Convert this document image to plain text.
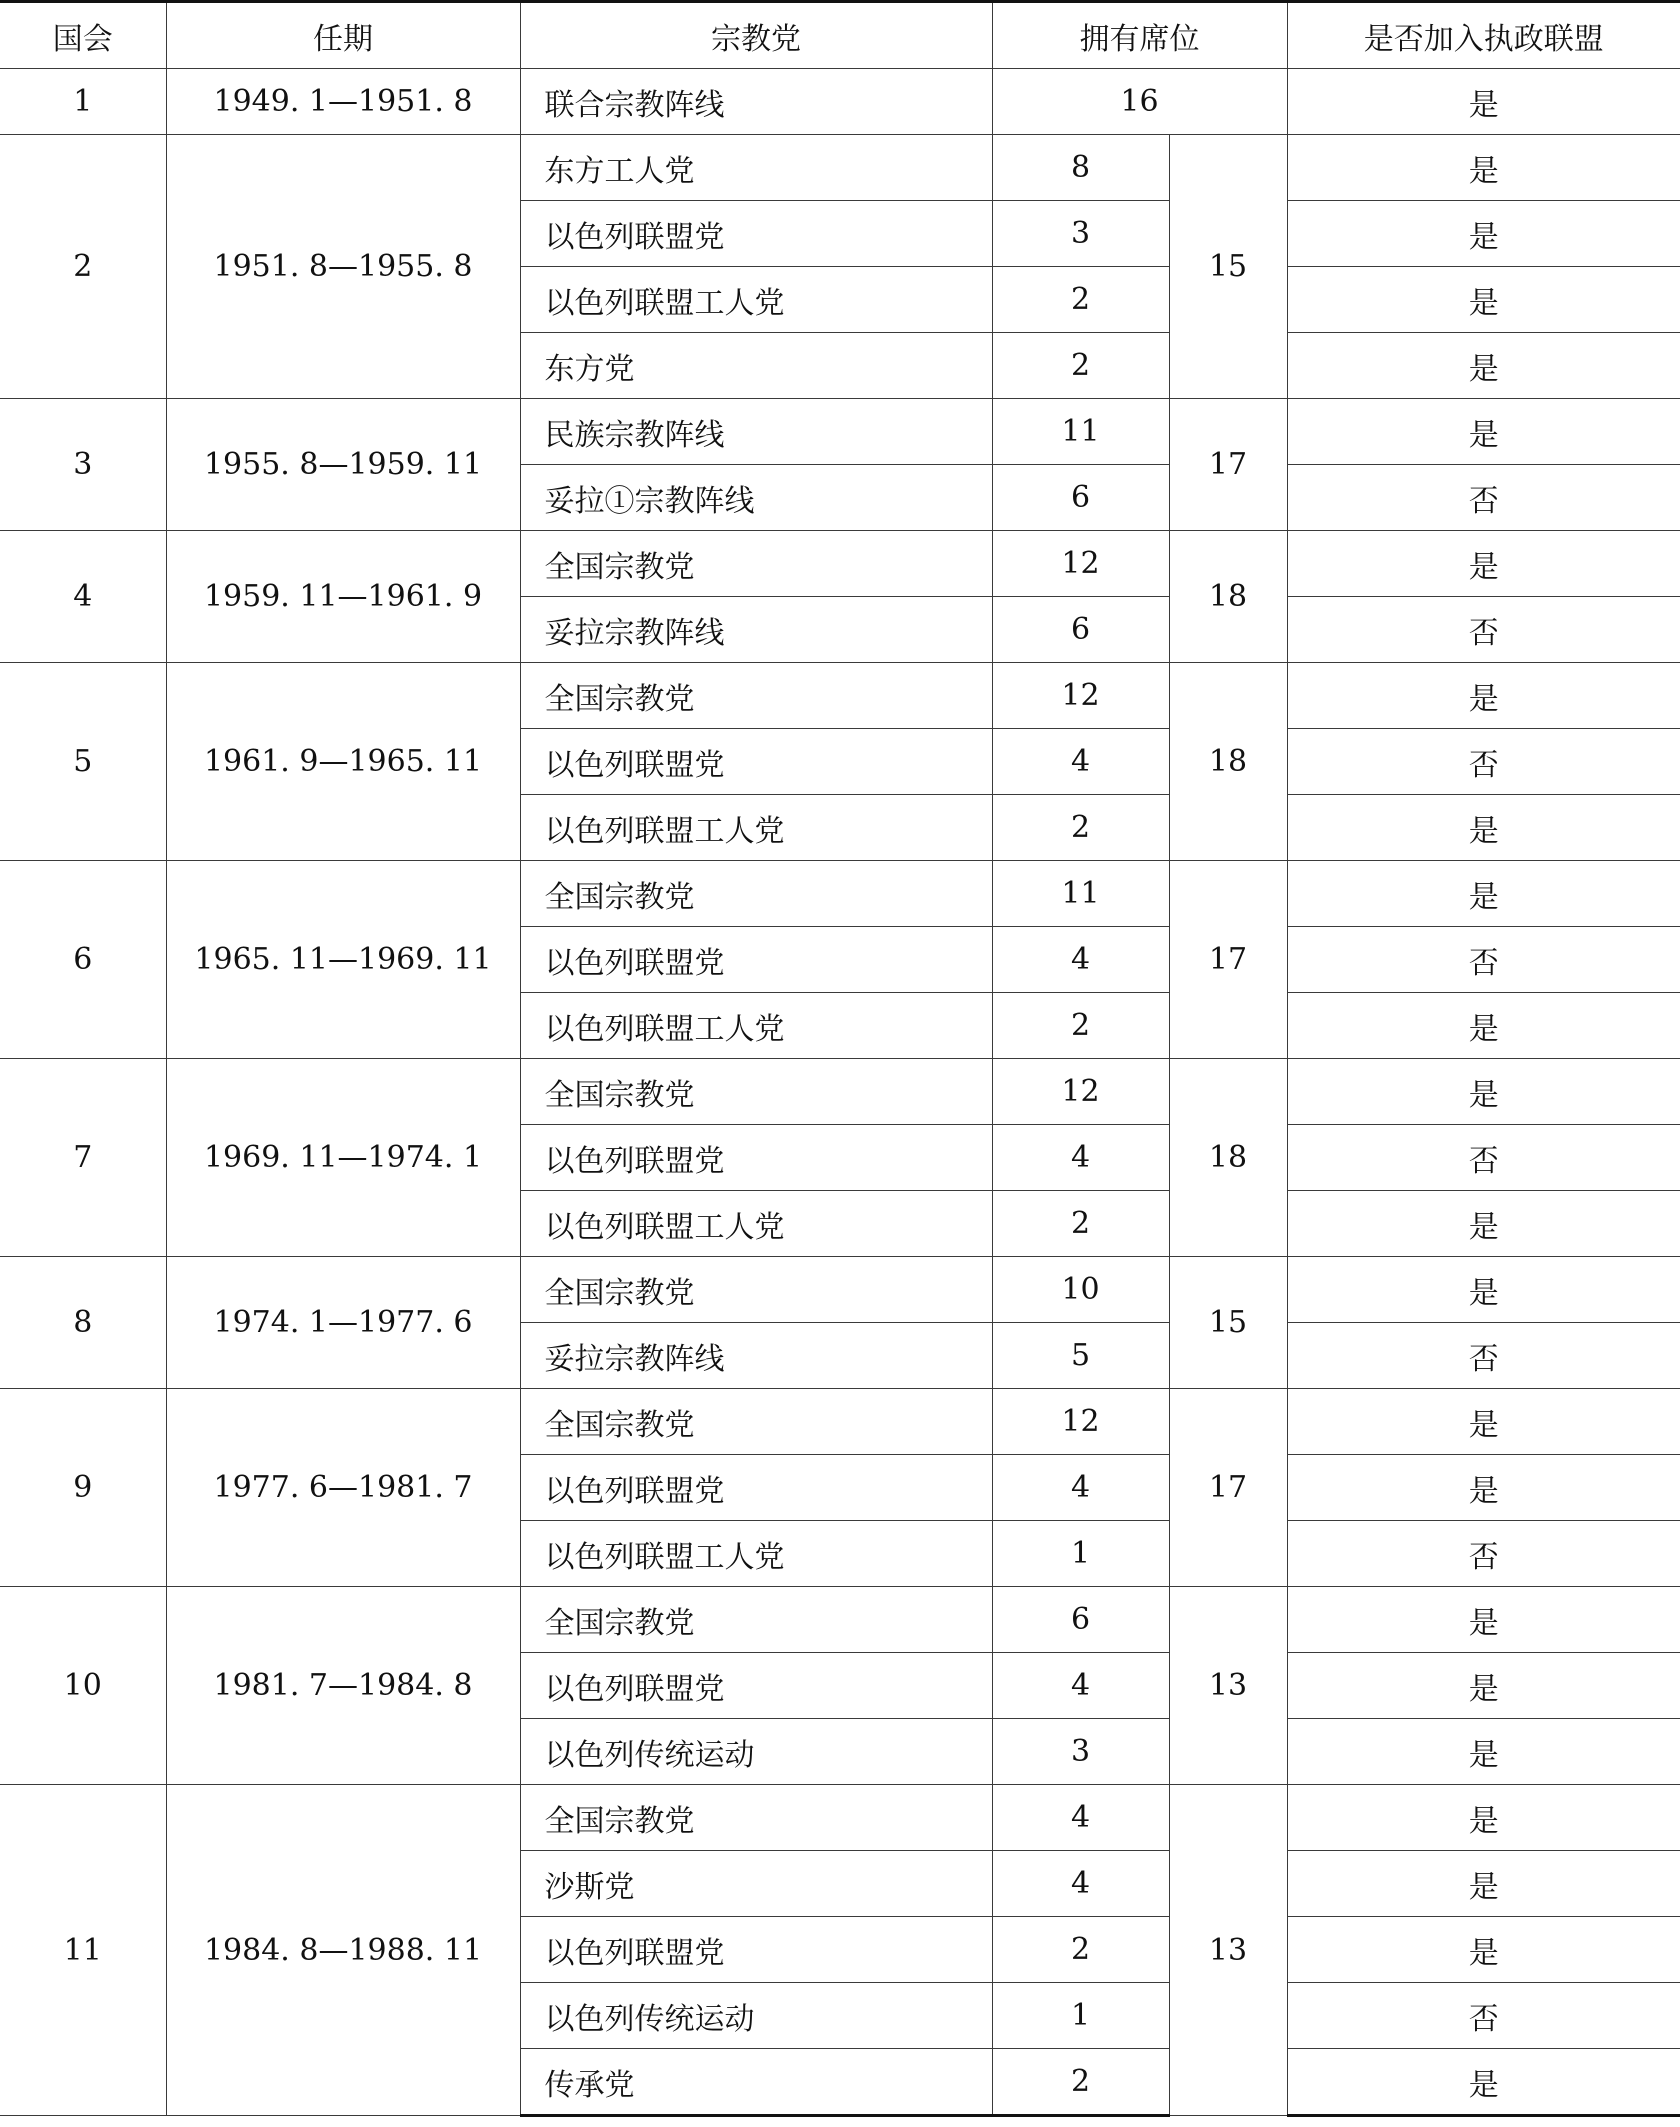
国会	任期	宗教党	拥有席位		是否加入执政联盟
1	1949. 1—1951. 8	联合宗教阵线	16		是
2	1951. 8—1955. 8	东方工人党	8	15	是
		以色列联盟党	3		是
		以色列联盟工人党	2		是
		东方党	2		是
3	1955. 8—1959. 11	民族宗教阵线	11	17	是
		妥拉①宗教阵线	6		否
4	1959. 11—1961. 9	全国宗教党	12	18	是
		妥拉宗教阵线	6		否
5	1961. 9—1965. 11	全国宗教党	12	18	是
		以色列联盟党	4		否
		以色列联盟工人党	2		是
6	1965. 11—1969. 11	全国宗教党	11	17	是
		以色列联盟党	4		否
		以色列联盟工人党	2		是
7	1969. 11—1974. 1	全国宗教党	12	18	是
		以色列联盟党	4		否
		以色列联盟工人党	2		是
8	1974. 1—1977. 6	全国宗教党	10	15	是
		妥拉宗教阵线	5		否
9	1977. 6—1981. 7	全国宗教党	12	17	是
		以色列联盟党	4		是
		以色列联盟工人党	1		否
10	1981. 7—1984. 8	全国宗教党	6	13	是
		以色列联盟党	4		是
		以色列传统运动	3		是
11	1984. 8—1988. 11	全国宗教党	4	13	是
		沙斯党	4		是
		以色列联盟党	2		是
		以色列传统运动	1		否
		传承党	2		是
